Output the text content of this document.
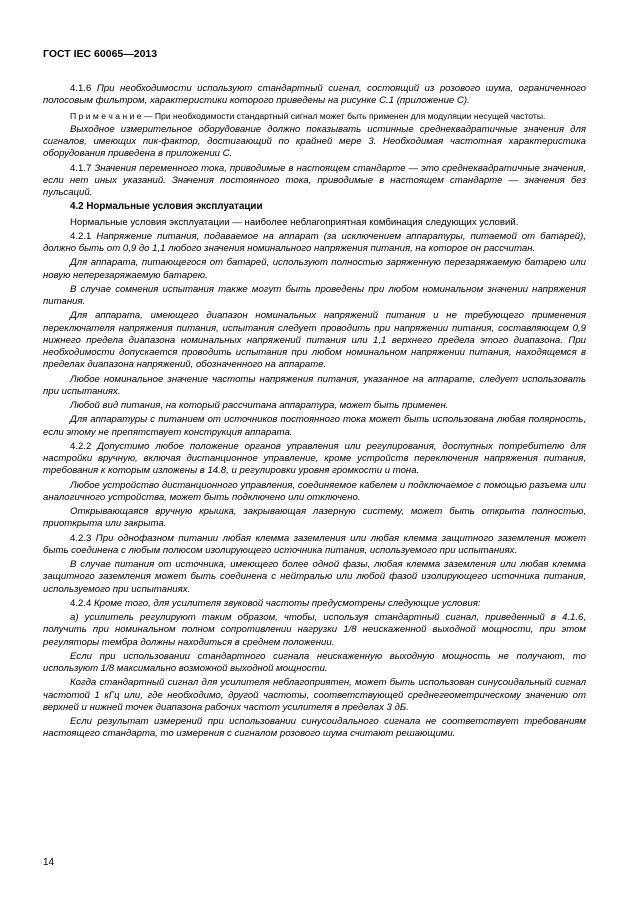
ГОСТ IEC 60065—2013

4.1.6 При необходимости используют стандартный сигнал, состоящий из розового шума, ограниченного полосовым фильтром, характеристики которого приведены на рисунке С.1 (приложение С).

П р и м е ч а н и е — При необходимости стандартный сигнал может быть применен для модуляции несущей частоты.

Выходное измерительное оборудование должно показывать истинные среднеквадратичные значения для сигналов, имеющих пик-фактор, достигающий по крайней мере 3. Необходимая частотная характеристика оборудования приведена в приложении С.

4.1.7 Значения переменного тока, приводимые в настоящем стандарте — это среднеквадратичные значения, если нет иных указаний. Значения постоянного тока, приводимые в настоящем стандарте — значения без пульсаций.

4.2 Нормальные условия эксплуатации

Нормальные условия эксплуатации — наиболее неблагоприятная комбинация следующих условий.

4.2.1 Напряжение питания, подаваемое на аппарат (за исключением аппаратуры, питаемой от батарей), должно быть от 0,9 до 1,1 любого значения номинального напряжения питания, на которое он рассчитан.

Для аппарата, питающегося от батарей, используют полностью заряженную перезаряжаемую батарею или новую неперезаряжаемую батарею.

В случае сомнения испытания также могут быть проведены при любом номинальном значении напряжения питания.

Для аппарата, имеющего диапазон номинальных напряжений питания и не требующего применения переключателя напряжения питания, испытания следует проводить при напряжении питания, составляющем 0,9 нижнего предела диапазона номинальных напряжений питания или 1,1 верхнего предела этого диапазона. При необходимости допускается проводить испытания при любом номинальном напряжении питания, находящемся в пределах диапазона напряжений, обозначенного на аппарате.

Любое номинальное значение частоты напряжения питания, указанное на аппарате, следует использовать при испытаниях.

Любой вид питания, на который рассчитана аппаратура, может быть применен.

Для аппаратуры с питанием от источников постоянного тока может быть использована любая полярность, если этому не препятствует конструкция аппарата.

4.2.2 Допустимо любое положение органов управления или регулирования, доступных потребителю для настройки вручную, включая дистанционное управление, кроме устройств переключения напряжения питания, требования к которым изложены в 14.8, и регулировки уровня громкости и тона.

Любое устройство дистанционного управления, соединяемое кабелем и подключаемое с помощью разъема или аналогичного устройства, может быть подключено или отключено.

Открывающаяся вручную крышка, закрывающая лазерную систему, может быть открыта полностью, приоткрыта или закрыта.

4.2.3 При однофазном питании любая клемма заземления или любая клемма защитного заземления может быть соединена с любым полюсом изолирующего источника питания, используемого при испытаниях.

В случае питания от источника, имеющего более одной фазы, любая клемма заземления или любая клемма защитного заземления может быть соединена с нейтралью или любой фазой изолирующего источника питания, используемого при испытаниях.

4.2.4 Кроме того, для усилителя звуковой частоты предусмотрены следующие условия:

а) усилитель регулируют таким образом, чтобы, используя стандартный сигнал, приведенный в 4.1.6, получить при номинальном полном сопротивлении нагрузки 1/8 неискаженной выходной мощности, при этом регуляторы тембра должны находиться в среднем положении.

Если при использовании стандартного сигнала неискаженную выходную мощность не получают, то используют 1/8 максимально возможной выходной мощности.

Когда стандартный сигнал для усилителя неблагоприятен, может быть использован синусоидальный сигнал частотой 1 кГц или, где необходимо, другой частоты, соответствующей среднегеометрическому значению от верхней и нижней точек диапазона рабочих частот усилителя в пределах 3 дБ.

Если результат измерений при использовании синусоидального сигнала не соответствует требованиям настоящего стандарта, то измерения с сигналом розового шума считают решающими.

14
